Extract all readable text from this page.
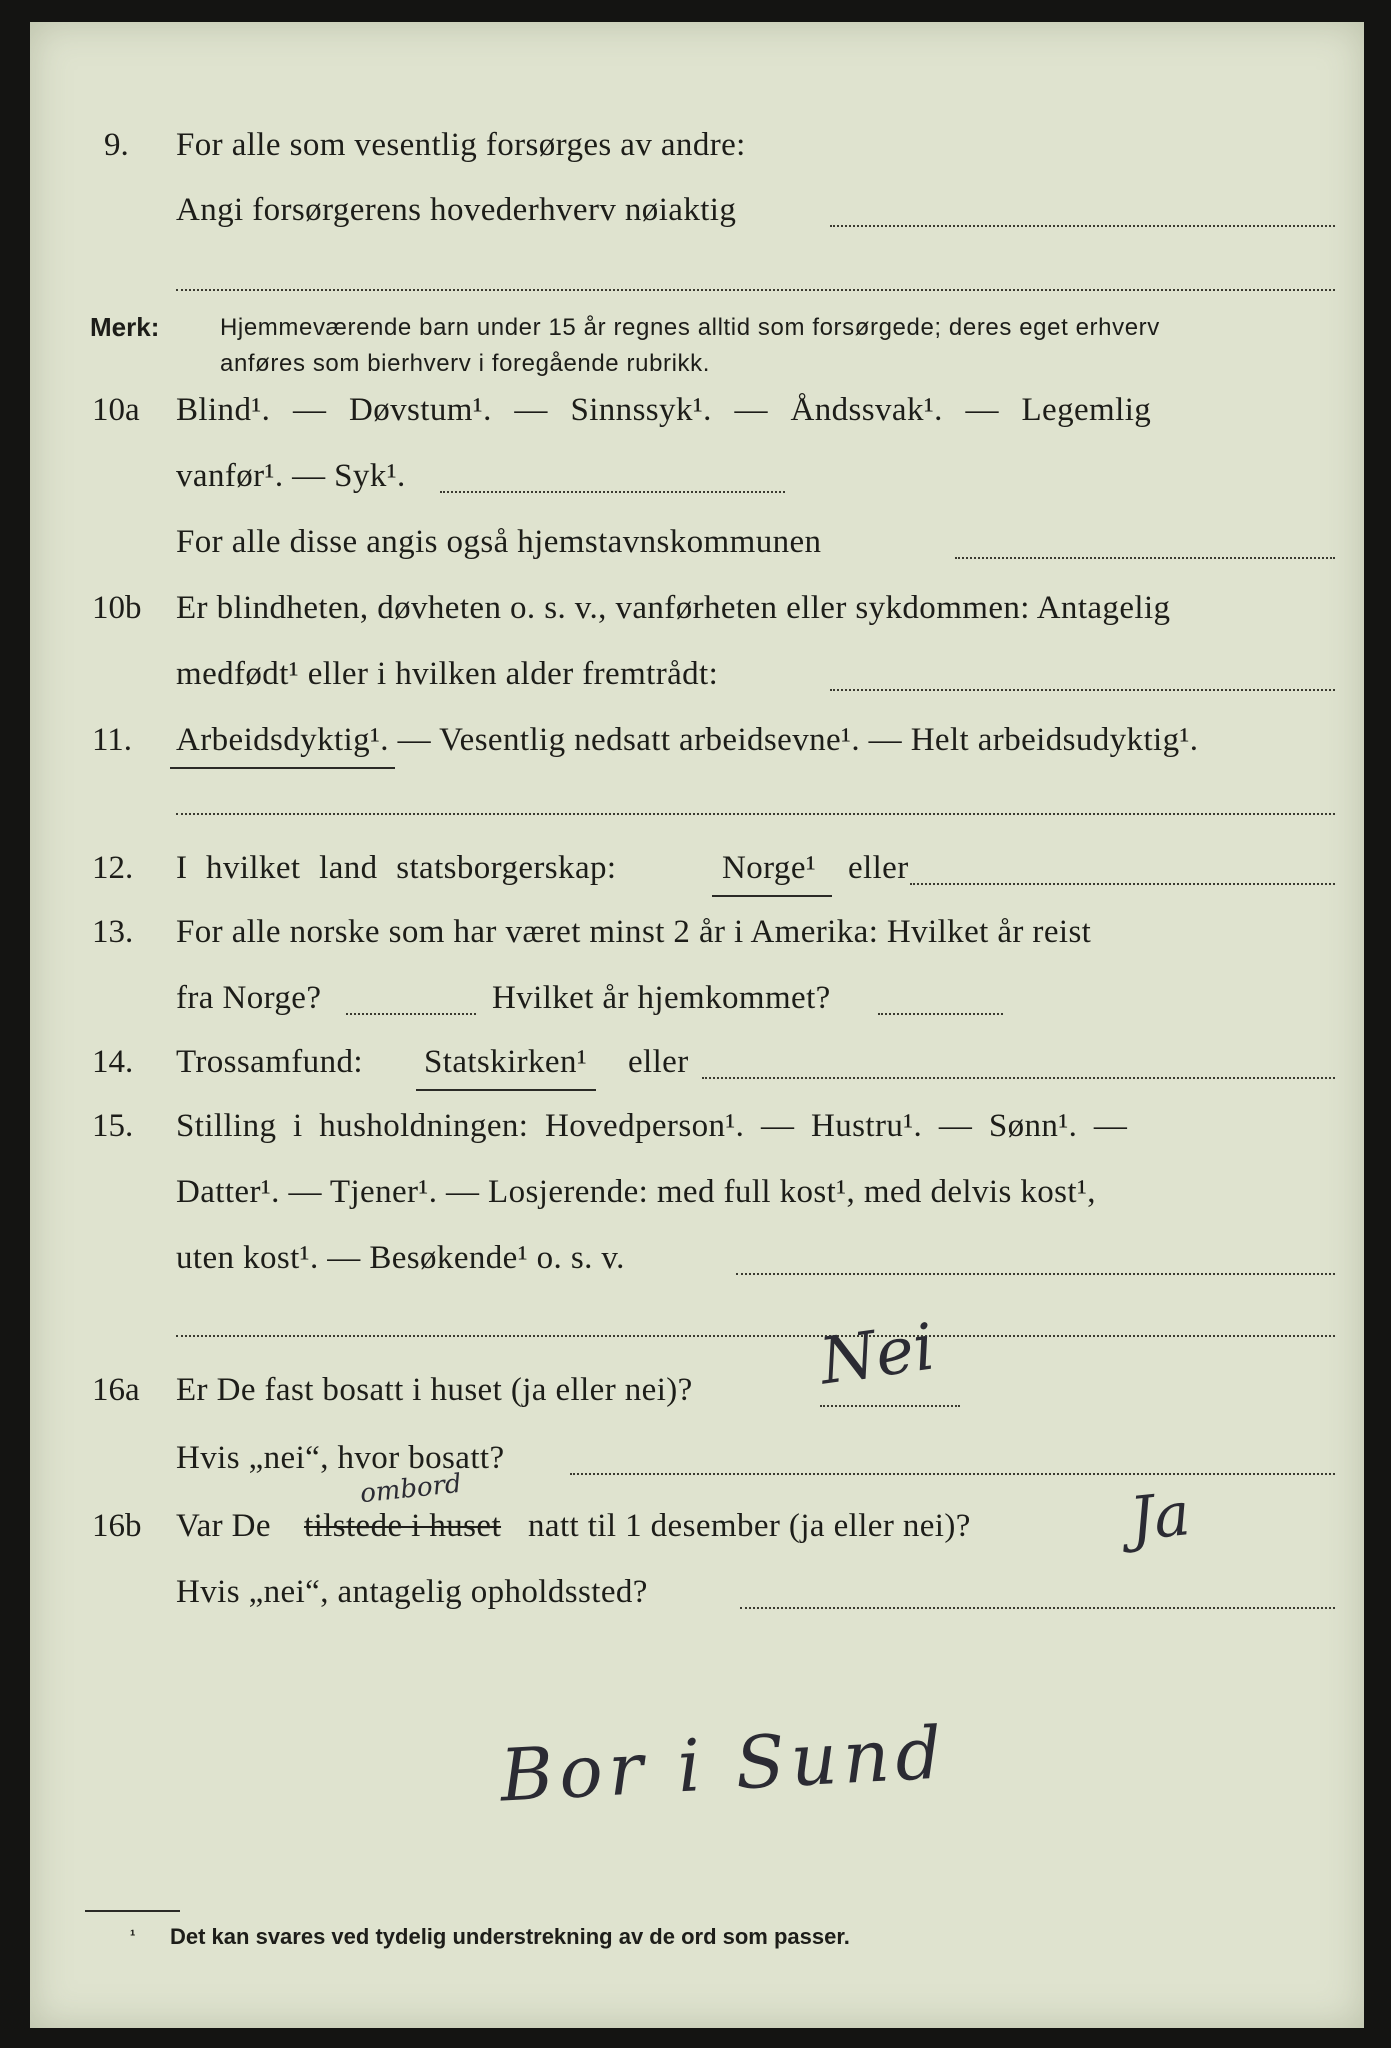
9. For alle som vesentlig forsørges av andre:
Angi forsørgerens hovederhverv nøiaktig
Merk:	Hjemmeværende barn under 15 år regnes alltid som forsørgede; deres eget erhverv
anføres som bierhverv i foregående rubrikk.
10a Blind¹. — Døvstum¹. — Sinnssyk¹. — Åndssvak¹. — Legemlig
vanfør¹. — Syk¹.
For alle disse angis også hjemstavnskommunen
10b Er blindheten, døvheten o. s. v., vanførheten eller sykdommen: Antagelig
medfødt¹ eller i hvilken alder fremtrådt:
11. Arbeidsdyktig¹. — Vesentlig nedsatt arbeidsevne¹. — Helt arbeidsudyktig¹.
12. I hvilket land statsborgerskap:	Norge¹ eller
13. For alle norske som har været minst 2 år i Amerika: Hvilket år reist
fra Norge?	Hvilket år hjemkommet?
14. Trossamfund: Statskirken¹ eller
15. Stilling i husholdningen: Hovedperson¹. — Hustru¹. — Sønn¹. —
Datter¹. — Tjener¹. — Losjerende: med full kost¹, med delvis kost¹,
uten kost¹. — Besøkende¹ o. s. v.
16a Er De fast bosatt i huset (ja eller nei)? Nei
Hvis „nei“, hvor bosatt?
16b Var De tilstede i huset
ombord
natt til 1 desember (ja eller nei)?	Ja
Hvis „nei“, antagelig opholdssted?
Bor i Sund
¹ Det kan svares ved tydelig understrekning av de ord som passer.
